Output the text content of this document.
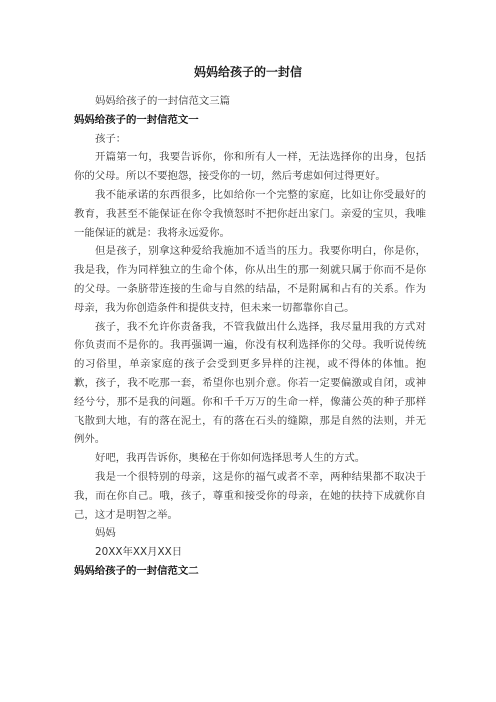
妈妈给孩子的一封信

妈妈给孩子的一封信范文三篇

妈妈给孩子的一封信范文一

孩子：

开篇第一句，我要告诉你，你和所有人一样，无法选择你的出身，包括你的父母。所以不要抱怨，接受你的一切，然后考虑如何过得更好。

我不能承诺的东西很多，比如给你一个完整的家庭，比如让你受最好的教育，我甚至不能保证在你令我愤怒时不把你赶出家门。亲爱的宝贝，我唯一能保证的就是：我将永远爱你。

但是孩子，别拿这种爱给我施加不适当的压力。我要你明白，你是你，我是我，作为同样独立的生命个体，你从出生的那一刻就只属于你而不是你的父母。一条脐带连接的生命与自然的结晶，不是附属和占有的关系。作为母亲，我为你创造条件和提供支持，但未来一切都靠你自己。

孩子，我不允许你责备我，不管我做出什么选择，我尽量用我的方式对你负责而不是你的。我再强调一遍，你没有权利选择你的父母。我听说传统的习俗里，单亲家庭的孩子会受到更多异样的注视，或不得体的体恤。抱歉，孩子，我不吃那一套，希望你也别介意。你若一定要偏激或自闭，或神经兮兮，那不是我的问题。你和千千万万的生命一样，像蒲公英的种子那样飞散到大地，有的落在泥土，有的落在石头的缝隙，那是自然的法则，并无例外。

好吧，我再告诉你，奥秘在于你如何选择思考人生的方式。

我是一个很特别的母亲，这是你的福气或者不幸，两种结果都不取决于我，而在你自己。哦，孩子，尊重和接受你的母亲，在她的扶持下成就你自己，这才是明智之举。

妈妈

20XX年XX月XX日

妈妈给孩子的一封信范文二
